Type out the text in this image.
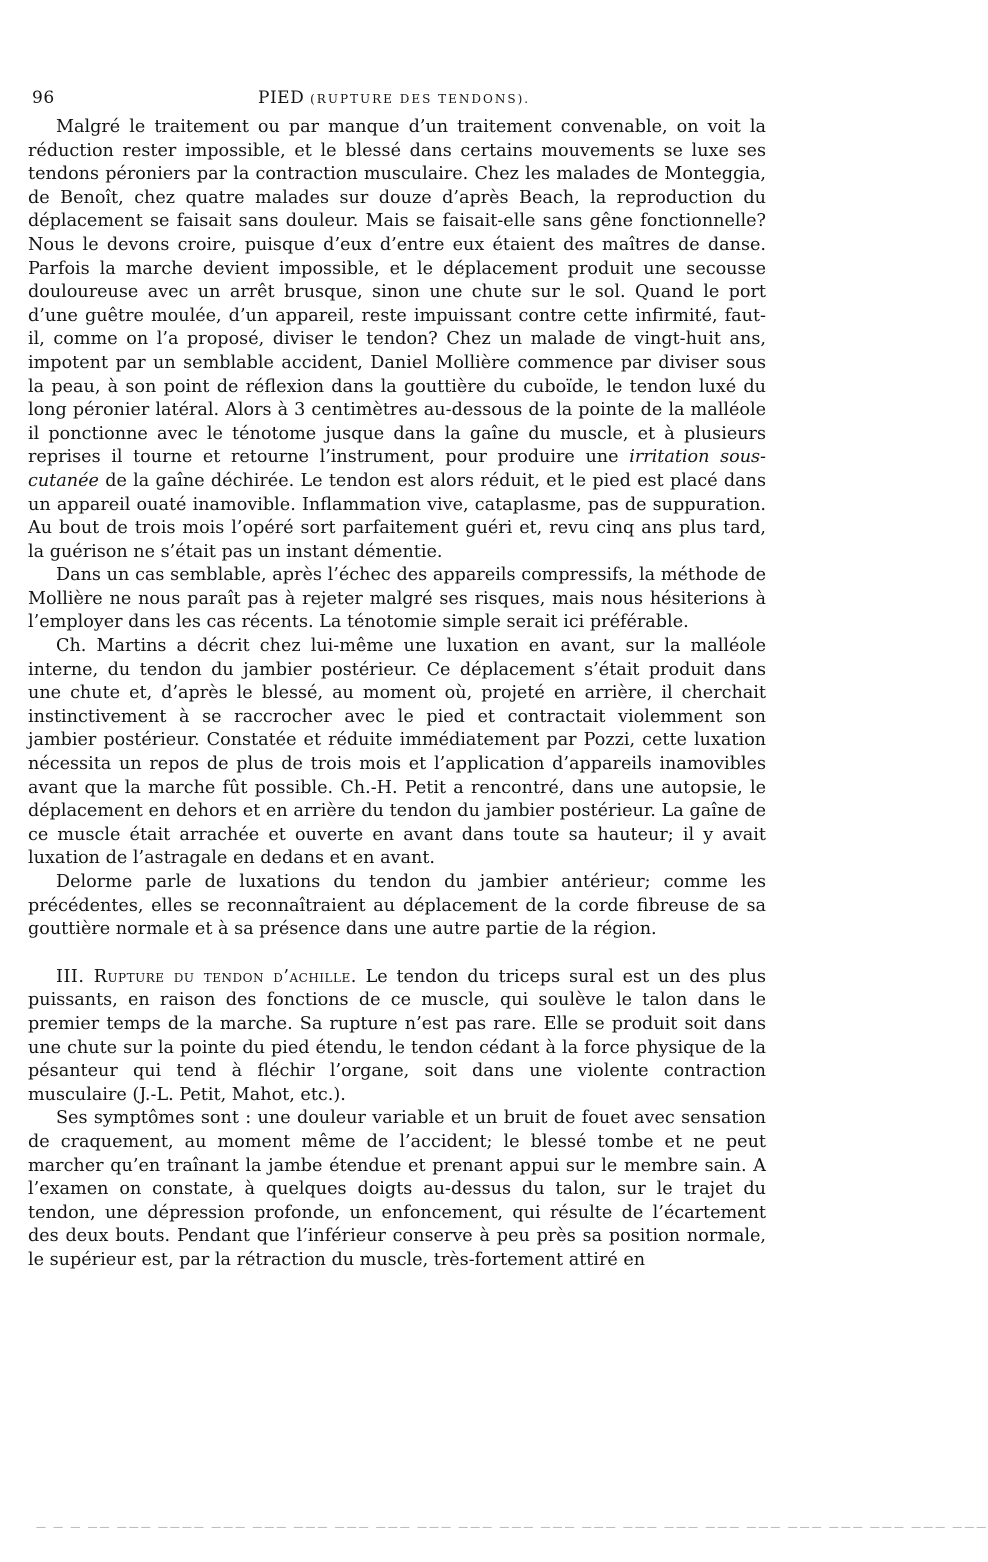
96	PIED (RUPTURE DES TENDONS).

Malgré le traitement ou par manque d’un traitement convenable, on voit la réduction rester impossible, et le blessé dans certains mouvements se luxe ses tendons péroniers par la contraction musculaire. Chez les malades de Monteggia, de Benoît, chez quatre malades sur douze d’après Beach, la reproduction du déplacement se faisait sans douleur. Mais se faisait-elle sans gêne fonctionnelle? Nous le devons croire, puisque d’eux d’entre eux étaient des maîtres de danse. Parfois la marche devient impossible, et le déplacement produit une secousse douloureuse avec un arrêt brusque, sinon une chute sur le sol. Quand le port d’une guêtre moulée, d’un appareil, reste impuissant contre cette infirmité, faut-il, comme on l’a proposé, diviser le tendon? Chez un malade de vingt-huit ans, impotent par un semblable accident, Daniel Mollière commence par diviser sous la peau, à son point de réflexion dans la gouttière du cuboïde, le tendon luxé du long péronier latéral. Alors à 3 centimètres au-dessous de la pointe de la malléole il ponctionne avec le ténotome jusque dans la gaîne du muscle, et à plusieurs reprises il tourne et retourne l’instrument, pour produire une irritation sous-cutanée de la gaîne déchirée. Le tendon est alors réduit, et le pied est placé dans un appareil ouaté inamovible. Inflammation vive, cataplasme, pas de suppuration. Au bout de trois mois l’opéré sort parfaitement guéri et, revu cinq ans plus tard, la guérison ne s’était pas un instant démentie.

Dans un cas semblable, après l’échec des appareils compressifs, la méthode de Mollière ne nous paraît pas à rejeter malgré ses risques, mais nous hésiterions à l’employer dans les cas récents. La ténotomie simple serait ici préférable.

Ch. Martins a décrit chez lui-même une luxation en avant, sur la malléole interne, du tendon du jambier postérieur. Ce déplacement s’était produit dans une chute et, d’après le blessé, au moment où, projeté en arrière, il cherchait instinctivement à se raccrocher avec le pied et contractait violemment son jambier postérieur. Constatée et réduite immédiatement par Pozzi, cette luxation nécessita un repos de plus de trois mois et l’application d’appareils inamovibles avant que la marche fût possible. Ch.-H. Petit a rencontré, dans une autopsie, le déplacement en dehors et en arrière du tendon du jambier postérieur. La gaîne de ce muscle était arrachée et ouverte en avant dans toute sa hauteur; il y avait luxation de l’astragale en dedans et en avant.

Delorme parle de luxations du tendon du jambier antérieur; comme les précédentes, elles se reconnaîtraient au déplacement de la corde fibreuse de sa gouttière normale et à sa présence dans une autre partie de la région.

III. Rupture du tendon d’achille. Le tendon du triceps sural est un des plus puissants, en raison des fonctions de ce muscle, qui soulève le talon dans le premier temps de la marche. Sa rupture n’est pas rare. Elle se produit soit dans une chute sur la pointe du pied étendu, le tendon cédant à la force physique de la pésanteur qui tend à fléchir l’organe, soit dans une violente contraction musculaire (J.-L. Petit, Mahot, etc.).

Ses symptômes sont : une douleur variable et un bruit de fouet avec sensation de craquement, au moment même de l’accident; le blessé tombe et ne peut marcher qu’en traînant la jambe étendue et prenant appui sur le membre sain. A l’examen on constate, à quelques doigts au-dessus du talon, sur le trajet du tendon, une dépression profonde, un enfoncement, qui résulte de l’écartement des deux bouts. Pendant que l’inférieur conserve à peu près sa position normale, le supérieur est, par la rétraction du muscle, très-fortement attiré en

— — — —— ——— ———— ——— ——— ——— ——— ——— ——— ——— ——— ——— ——— ——— ——— ——— ——— ——— ——— ——— ——— ———
